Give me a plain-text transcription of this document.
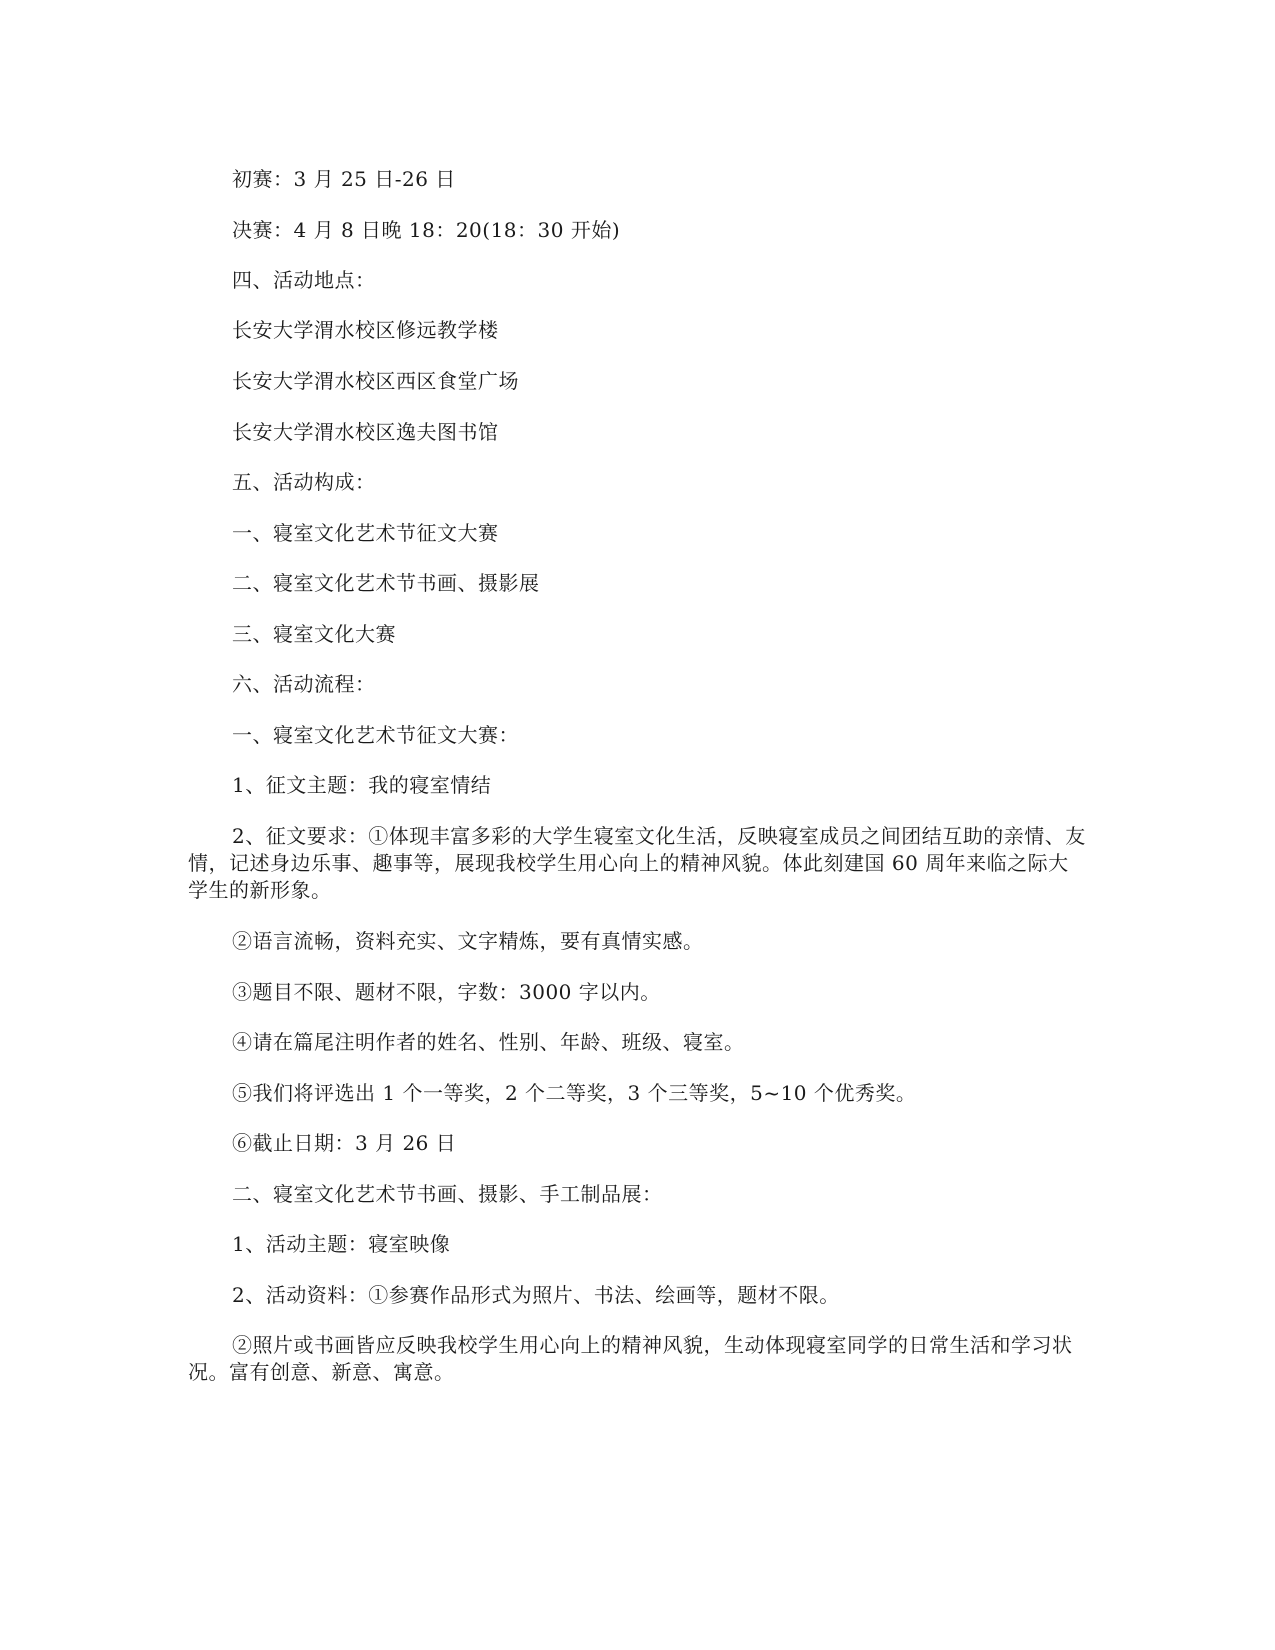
初赛：3 月 25 日-26 日

决赛：4 月 8 日晚 18：20(18：30 开始)

四、活动地点：

长安大学渭水校区修远教学楼

长安大学渭水校区西区食堂广场

长安大学渭水校区逸夫图书馆

五、活动构成：

一、寝室文化艺术节征文大赛

二、寝室文化艺术节书画、摄影展

三、寝室文化大赛

六、活动流程：

一、寝室文化艺术节征文大赛：

1、征文主题：我的寝室情结

2、征文要求：①体现丰富多彩的大学生寝室文化生活，反映寝室成员之间团结互助的亲情、友情，记述身边乐事、趣事等，展现我校学生用心向上的精神风貌。体此刻建国 60 周年来临之际大学生的新形象。

②语言流畅，资料充实、文字精炼，要有真情实感。

③题目不限、题材不限，字数：3000 字以内。

④请在篇尾注明作者的姓名、性别、年龄、班级、寝室。

⑤我们将评选出 1 个一等奖，2 个二等奖，3 个三等奖，5~10 个优秀奖。

⑥截止日期：3 月 26 日

二、寝室文化艺术节书画、摄影、手工制品展：

1、活动主题：寝室映像

2、活动资料：①参赛作品形式为照片、书法、绘画等，题材不限。

②照片或书画皆应反映我校学生用心向上的精神风貌，生动体现寝室同学的日常生活和学习状况。富有创意、新意、寓意。
